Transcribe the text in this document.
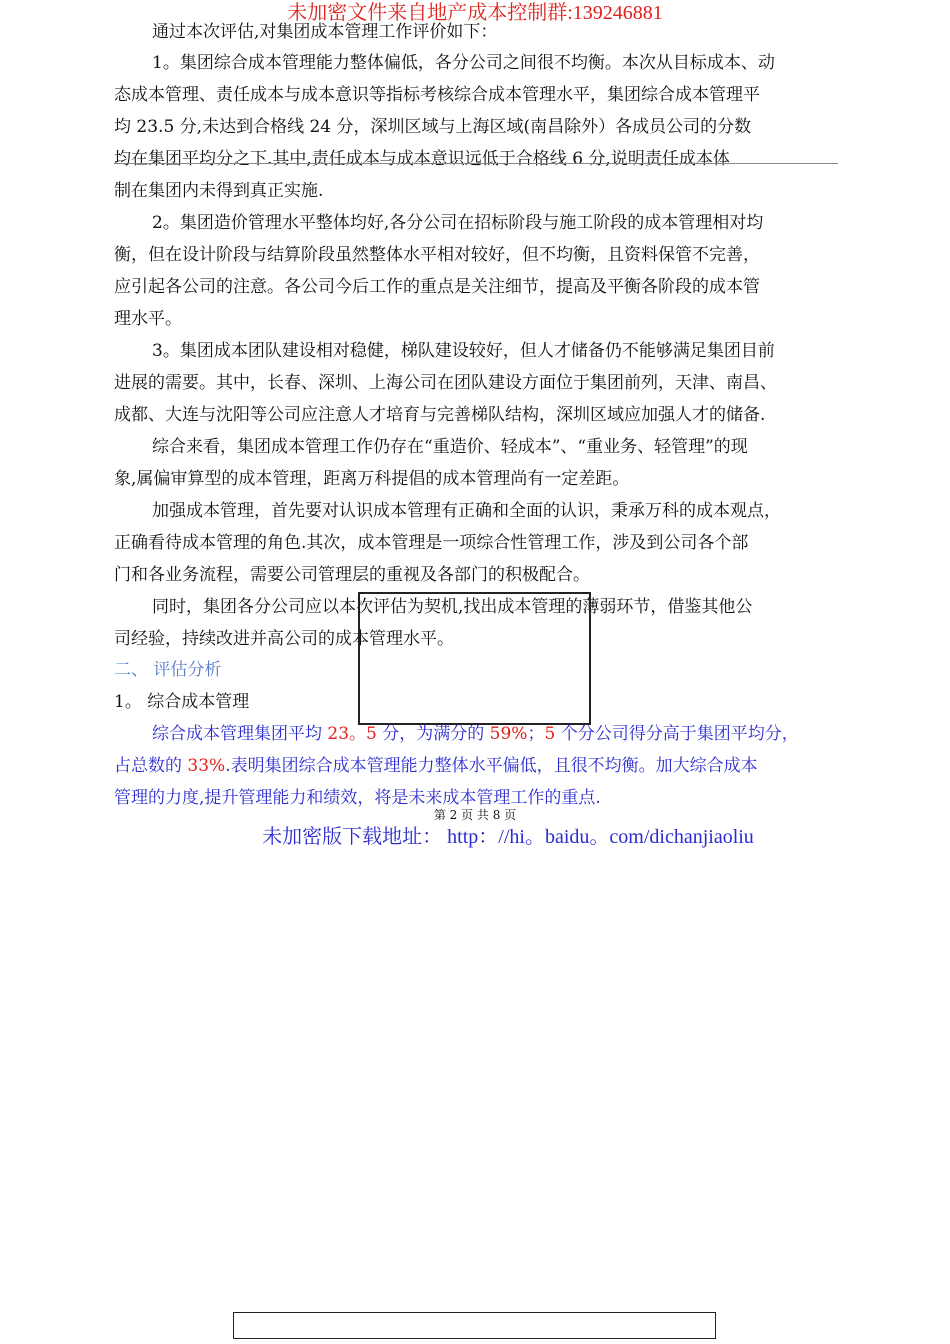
未加密文件来自地产成本控制群:139246881
通过本次评估,对集团成本管理工作评价如下：
1。集团综合成本管理能力整体偏低，各分公司之间很不均衡。本次从目标成本、动
态成本管理、责任成本与成本意识等指标考核综合成本管理水平，集团综合成本管理平
均 23.5 分,未达到合格线 24 分，深圳区域与上海区域(南昌除外）各成员公司的分数
均在集团平均分之下.其中,责任成本与成本意识远低于合格线 6 分,说明责任成本体
制在集团内未得到真正实施.
2。集团造价管理水平整体均好,各分公司在招标阶段与施工阶段的成本管理相对均
衡，但在设计阶段与结算阶段虽然整体水平相对较好，但不均衡，且资料保管不完善，
应引起各公司的注意。各公司今后工作的重点是关注细节，提高及平衡各阶段的成本管
理水平。
3。集团成本团队建设相对稳健，梯队建设较好，但人才储备仍不能够满足集团目前
进展的需要。其中，长春、深圳、上海公司在团队建设方面位于集团前列，天津、南昌、
成都、大连与沈阳等公司应注意人才培育与完善梯队结构，深圳区域应加强人才的储备.
综合来看，集团成本管理工作仍存在“重造价、轻成本”、“重业务、轻管理”的现
象,属偏审算型的成本管理，距离万科提倡的成本管理尚有一定差距。
加强成本管理，首先要对认识成本管理有正确和全面的认识，秉承万科的成本观点，
正确看待成本管理的角色.其次，成本管理是一项综合性管理工作，涉及到公司各个部
门和各业务流程，需要公司管理层的重视及各部门的积极配合。
同时，集团各分公司应以本次评估为契机,找出成本管理的薄弱环节，借鉴其他公
司经验，持续改进并高公司的成本管理水平。
二、 评估分析
1。 综合成本管理
综合成本管理集团平均 23。5 分，为满分的 59%；5 个分公司得分高于集团平均分，
占总数的 33%.表明集团综合成本管理能力整体水平偏低，且很不均衡。加大综合成本
管理的力度,提升管理能力和绩效，将是未来成本管理工作的重点.
第 2 页 共 8 页
未加密版下载地址： http：//hi。baidu。com/dichanjiaoliu
